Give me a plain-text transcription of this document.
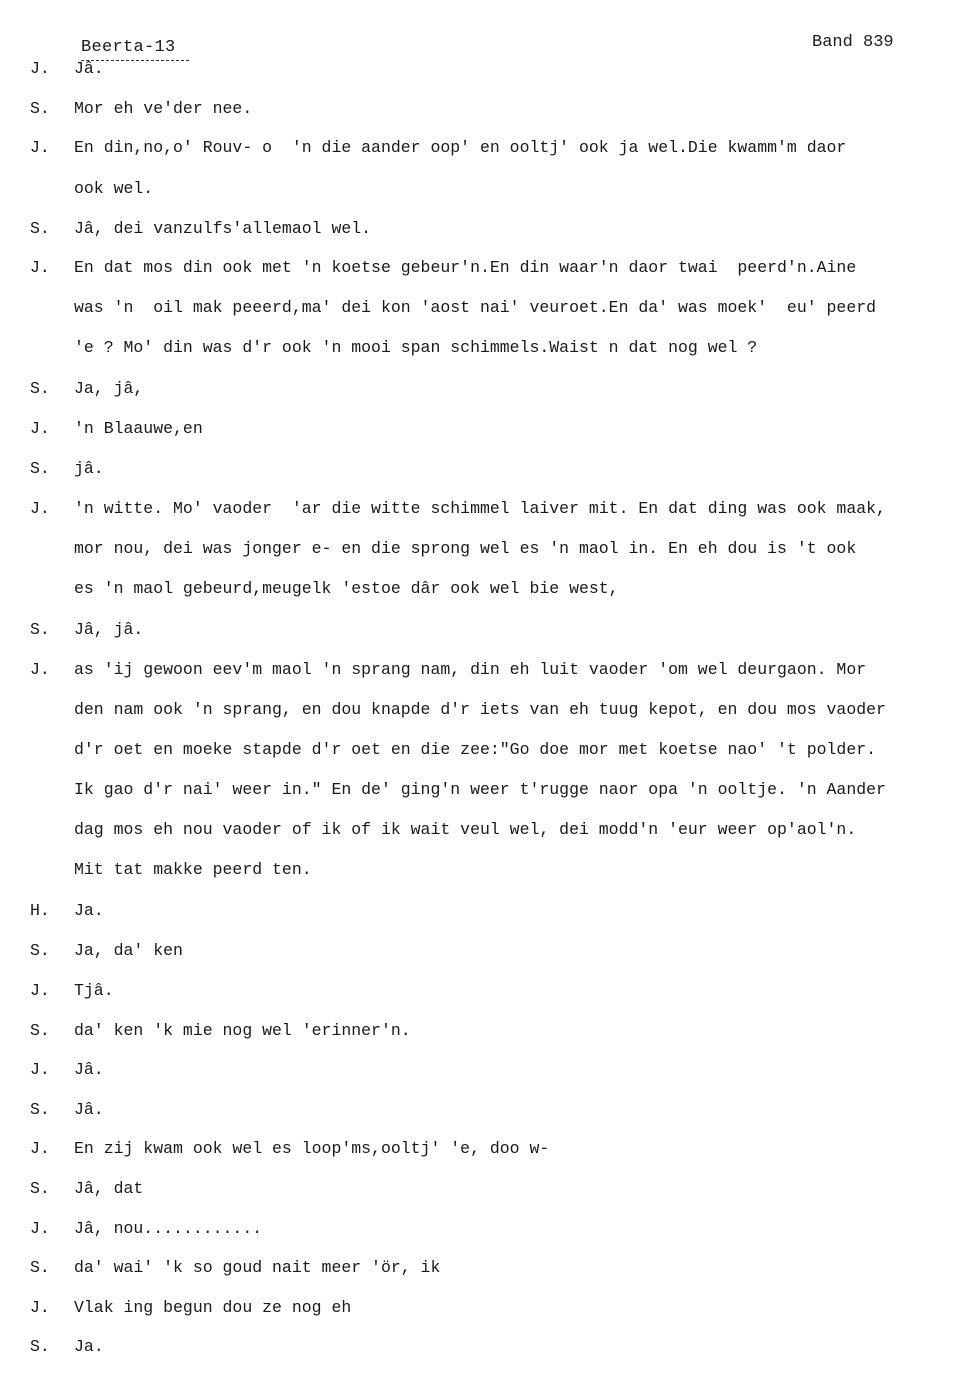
Beerta-13	Band 839
J. Jâ.
S. Mor eh ve'der nee.
J. En din,no,o' Rouv- o  'n die aander oop' en ooltj' ook ja wel.Die kwamm'm daor
ook wel.
S. Jâ, dei vanzulfs'allemaol wel.
J. En dat mos din ook met 'n koetse gebeur'n.En din waar'n daor twai  peerd'n.Aine
was 'n  oil mak peeerd,ma' dei kon 'aost nai' veuroet.En da' was moek'  eu' peerd
'e ? Mo' din was d'r ook 'n mooi span schimmels.Waist n dat nog wel ?
S. Ja, jâ,
J. 'n Blaauwe,en
S. jâ.
J. 'n witte. Mo' vaoder  'ar die witte schimmel laiver mit. En dat ding was ook maak,
mor nou, dei was jonger e- en die sprong wel es 'n maol in. En eh dou is 't ook
es 'n maol gebeurd,meugelk 'estoe dâr ook wel bie west,
S. Jâ, jâ.
J. as 'ij gewoon eev'm maol 'n sprang nam, din eh luit vaoder 'om wel deurgaon. Mor
den nam ook 'n sprang, en dou knapde d'r iets van eh tuug kepot, en dou mos vaoder
d'r oet en moeke stapde d'r oet en die zee:"Go doe mor met koetse nao' 't polder.
Ik gao d'r nai' weer in." En de' ging'n weer t'rugge naor opa 'n ooltje. 'n Aander
dag mos eh nou vaoder of ik of ik wait veul wel, dei modd'n 'eur weer op'aol'n.
Mit tat makke peerd ten.
H. Ja.
S. Ja, da' ken
J. Tjâ.
S. da' ken 'k mie nog wel 'erinner'n.
J. Jâ.
S. Jâ.
J. En zij kwam ook wel es loop'ms,ooltj' 'e, doo w-
S. Jâ, dat
J. Jâ, nou............
S. da' wai' 'k so goud nait meer 'ör, ik
J. Vlak ing begun dou ze nog eh
S. Ja.
